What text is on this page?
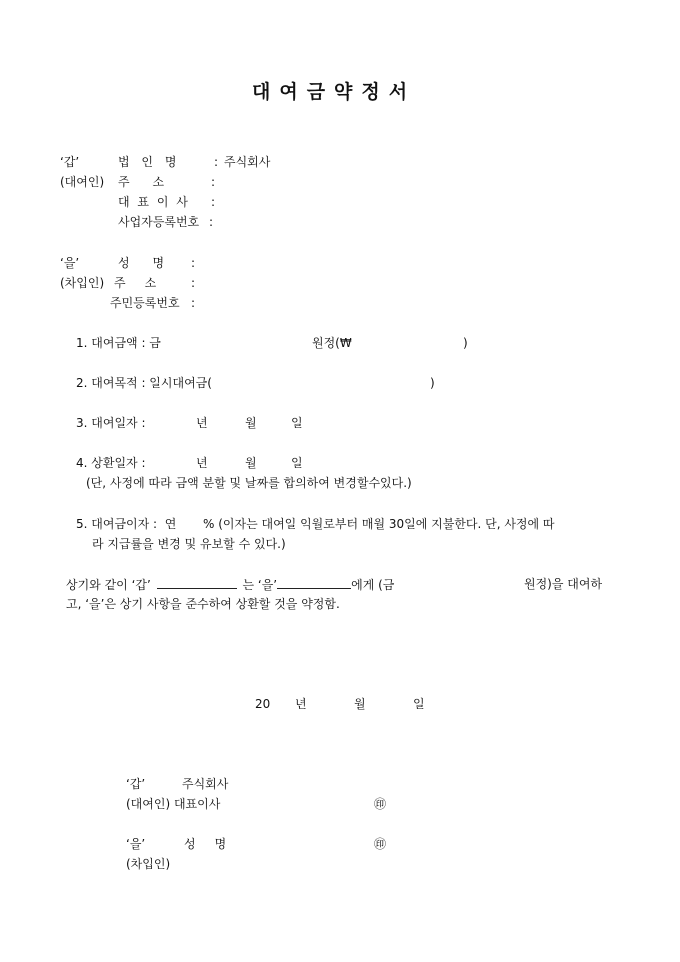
대여금약정서
‘갑’	법 인 명	: 주식회사
(대여인) 주      소	:
대 표 이 사 :
사업자등록번호 :
‘을’	성      명 :
(차입인) 주     소	:
주민등록번호 :
1. 대여금액 : 금	원정(₩	)
2. 대여목적 : 일시대여금(	)
3. 대여일자 :	년	월	일
4. 상환일자 :	년	월	일
(단, 사정에 따라 금액 분할 및 날짜를 합의하여 변경할수있다.)
5. 대여금이자 :  연       % (이자는 대여일 익월로부터 매월 30일에 지불한다. 단, 사정에 따
라 지급률을 변경 및 유보할 수 있다.)
상기와 같이 ‘갑’	는 ‘을’	에게 (금	원정)을 대여하
고, ‘을’은 상기 사항을 준수하여 상환할 것을 약정함.
20 년	월	일
‘갑’	주식회사
(대여인) 대표이사	㊞
‘을’	성     명	㊞
(차입인)
